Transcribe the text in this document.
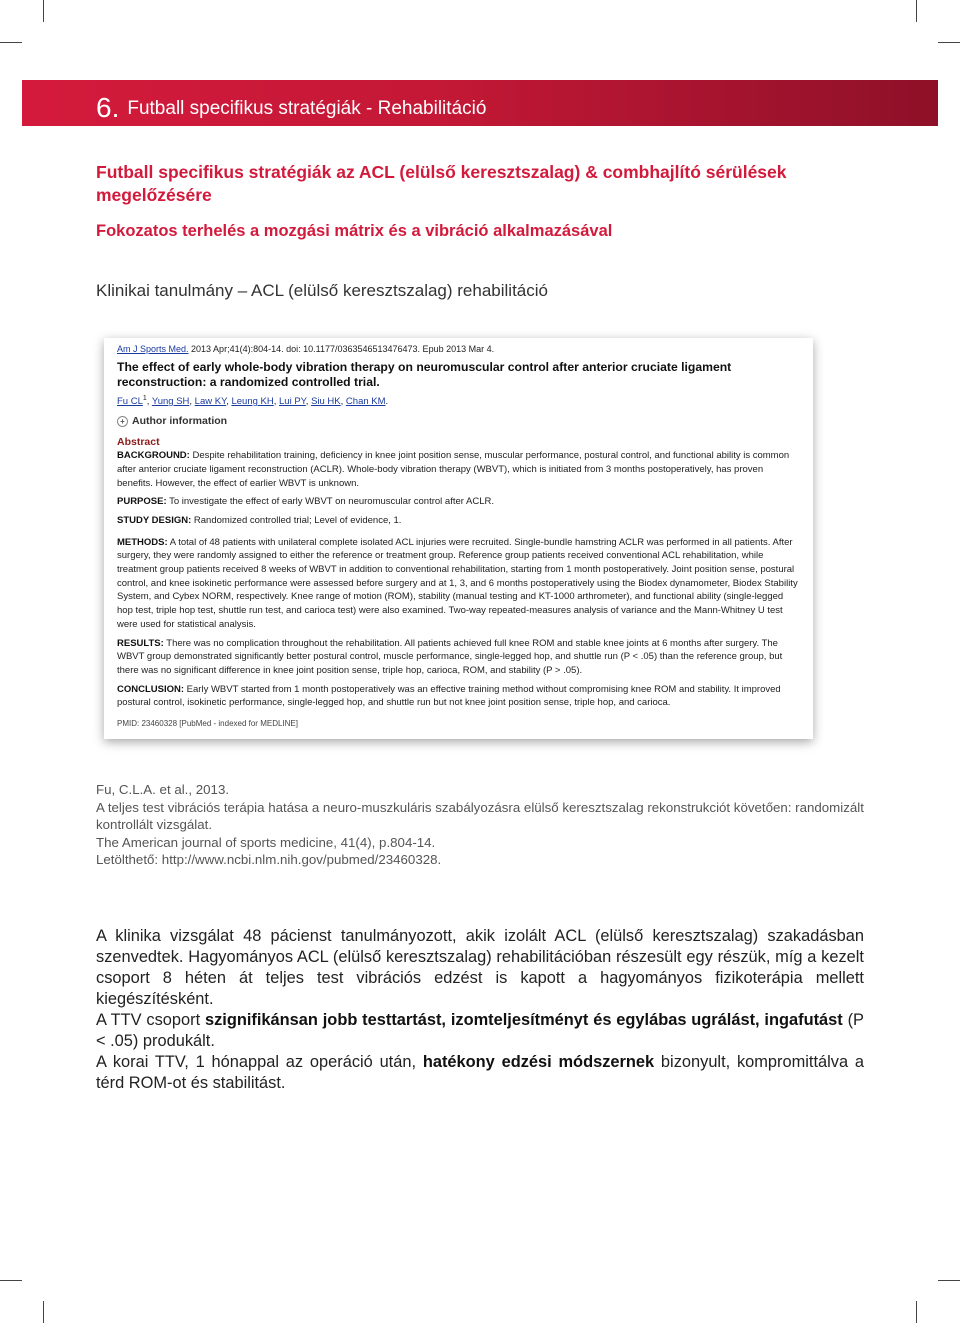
6. Futball specifikus stratégiák - Rehabilitáció
Futball specifikus stratégiák az ACL (elülső keresztszalag) & combhajlító sérülések megelőzésére
Fokozatos terhelés a mozgási mátrix és a vibráció alkalmazásával
Klinikai tanulmány – ACL (elülső keresztszalag) rehabilitáció
Am J Sports Med. 2013 Apr;41(4):804-14. doi: 10.1177/0363546513476473. Epub 2013 Mar 4.
The effect of early whole-body vibration therapy on neuromuscular control after anterior cruciate ligament reconstruction: a randomized controlled trial.
Fu $CL^1$, Yung SH, Law KY, Leung KH, Lui PY, Siu HK, Chan KM.
+ Author information
Abstract

BACKGROUND: Despite rehabilitation training, deficiency in knee joint position sense, muscular performance, postural control, and functional ability is common after anterior cruciate ligament reconstruction (ACLR). Whole-body vibration therapy (WBVT), which is initiated from 3 months postoperatively, has proven benefits. However, the effect of earlier WBVT is unknown.

PURPOSE: To investigate the effect of early WBVT on neuromuscular control after ACLR.

STUDY DESIGN: Randomized controlled trial; Level of evidence, 1.

METHODS: A total of 48 patients with unilateral complete isolated ACL injuries were recruited. Single-bundle hamstring ACLR was performed in all patients. After surgery, they were randomly assigned to either the reference or treatment group. Reference group patients received conventional ACL rehabilitation, while treatment group patients received 8 weeks of WBVT in addition to conventional rehabilitation, starting from 1 month postoperatively. Joint position sense, postural control, and knee isokinetic performance were assessed before surgery and at 1, 3, and 6 months postoperatively using the Biodex dynamometer, Biodex Stability System, and Cybex NORM, respectively. Knee range of motion (ROM), stability (manual testing and KT-1000 arthrometer), and functional ability (single-legged hop test, triple hop test, shuttle run test, and carioca test) were also examined. Two-way repeated-measures analysis of variance and the Mann-Whitney U test were used for statistical analysis.

RESULTS: There was no complication throughout the rehabilitation. All patients achieved full knee ROM and stable knee joints at 6 months after surgery. The WBVT group demonstrated significantly better postural control, muscle performance, single-legged hop, and shuttle run (P < .05) than the reference group, but there was no significant difference in knee joint position sense, triple hop, carioca, ROM, and stability (P > .05).

CONCLUSION: Early WBVT started from 1 month postoperatively was an effective training method without compromising knee ROM and stability. It improved postural control, isokinetic performance, single-legged hop, and shuttle run but not knee joint position sense, triple hop, and carioca.

PMID: 23460328 [PubMed - indexed for MEDLINE]
Fu, C.L.A. et al., 2013.
A teljes test vibrációs terápia hatása a neuro-muszkuláris szabályozásra elülső keresztszalag rekonstrukciót követően: randomizált kontrollált vizsgálat.
The American journal of sports medicine, 41(4), p.804-14.
Letölthető: http://www.ncbi.nlm.nih.gov/pubmed/23460328.

A klinika vizsgálat 48 pácienst tanulmányozott, akik izolált ACL (elülső keresztszalag) szakadásban szenvedtek. Hagyományos ACL (elülső keresztszalag) rehabilitációban részesült egy részük, míg a kezelt csoport 8 héten át teljes test vibrációs edzést is kapott a hagyományos fizikoterápia mellett kiegészítésként.

A TTV csoport szignifikánsan jobb testtartást, izomteljesítményt és egylábas ugrálást, ingafutást (P < .05) produkált.

A korai TTV, 1 hónappal az operáció után, hatékony edzési módszernek bizonyult, kompromittálva a térd ROM-ot és stabilitást.
